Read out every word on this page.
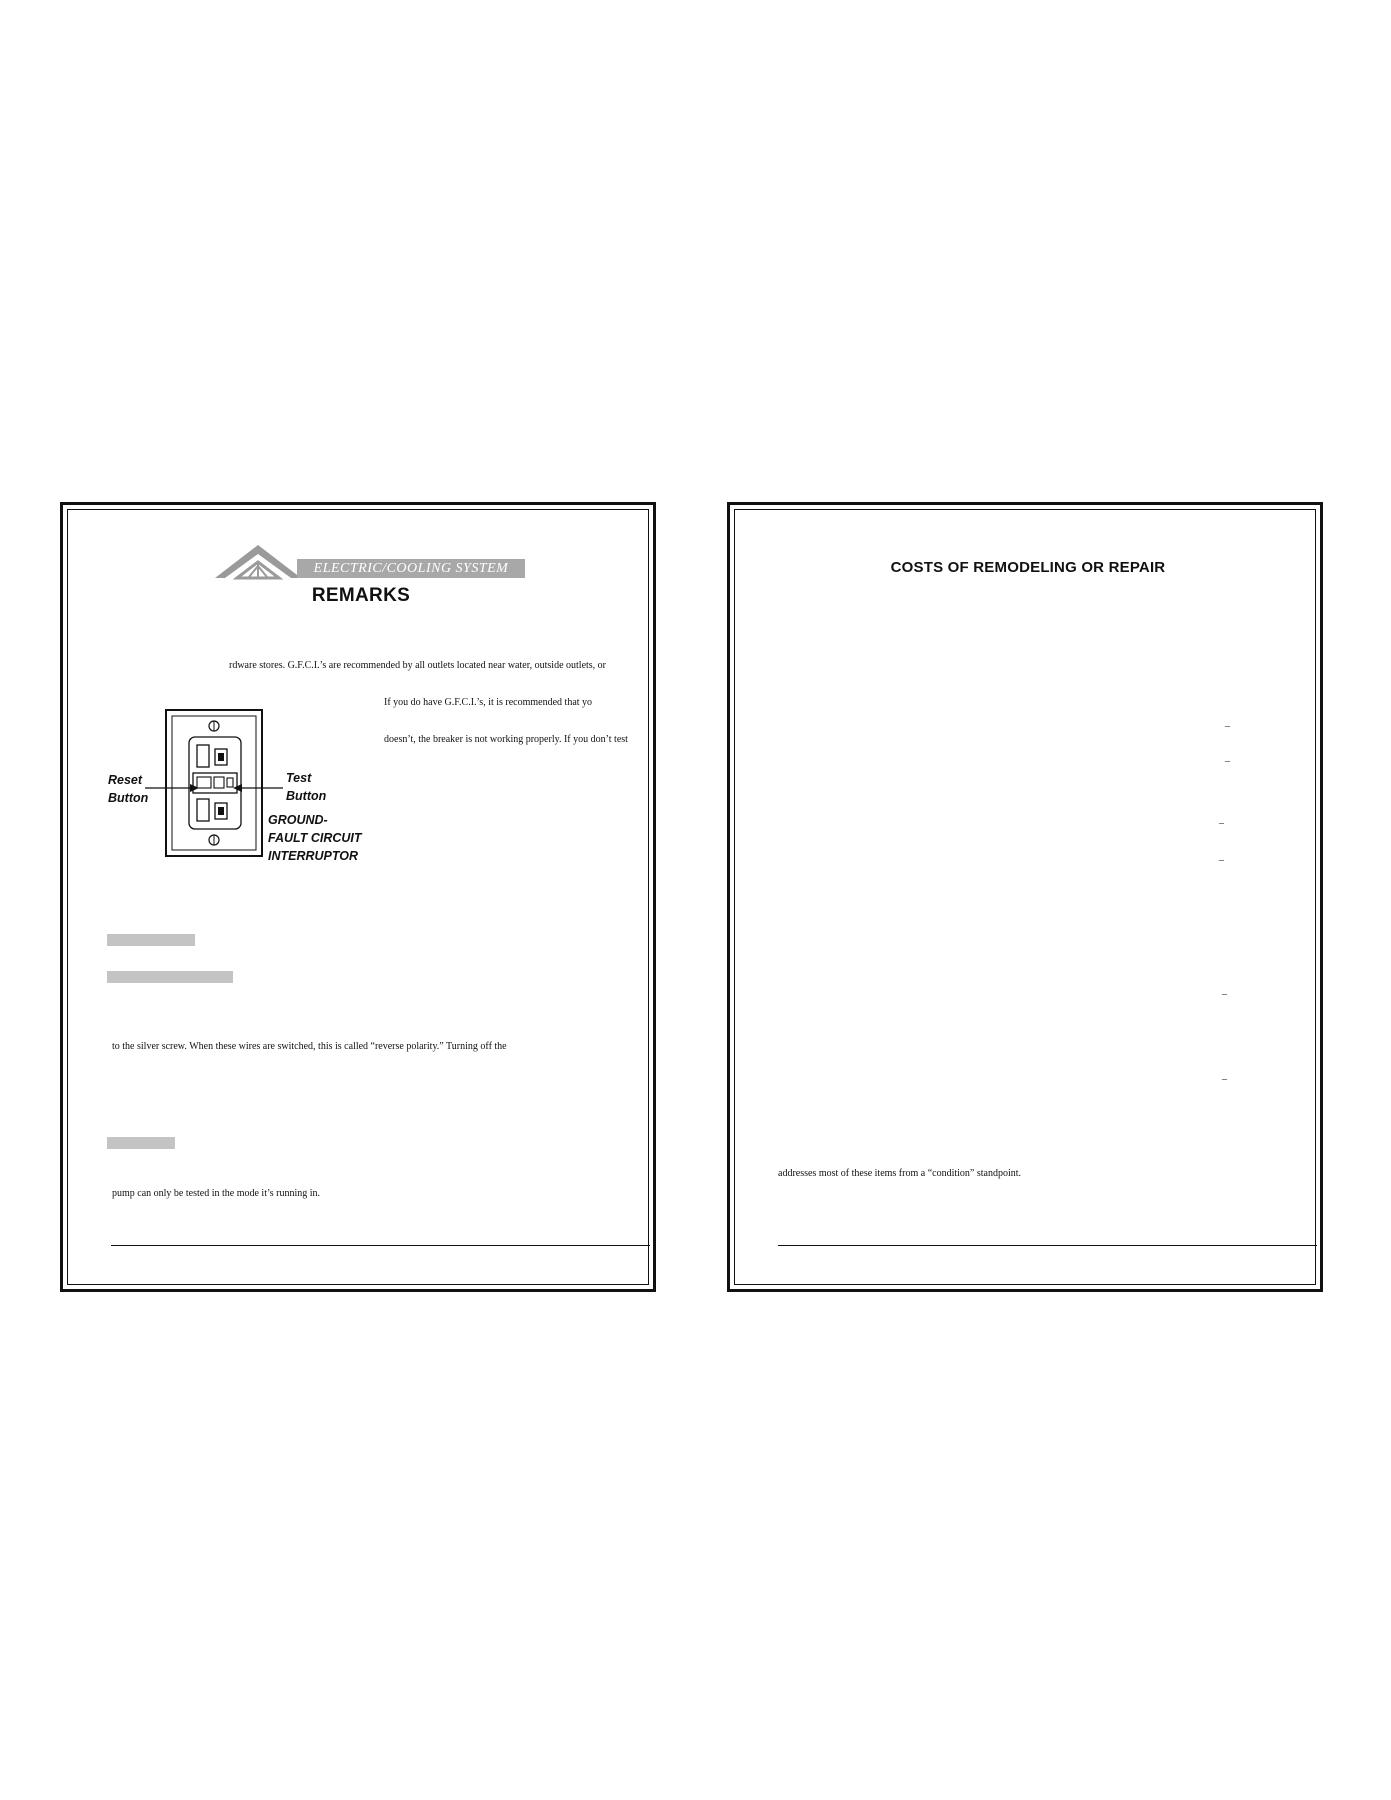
ELECTRIC/COOLING SYSTEM
REMARKS
rdware stores. G.F.C.I.’s are recommended by all outlets located near water, outside outlets, or
If you do have G.F.C.I.’s, it is recommended that yo
doesn’t, the breaker is not working properly. If you don’t test
Reset
Button
Test
Button
GROUND-
FAULT CIRCUIT
INTERRUPTOR
to the silver screw. When these wires are switched, this is called “reverse polarity.” Turning off the
pump can only be tested in the mode it’s running in.
COSTS OF REMODELING OR REPAIR
–
–
–
–
–
–
addresses most of these items from a “condition” standpoint.
